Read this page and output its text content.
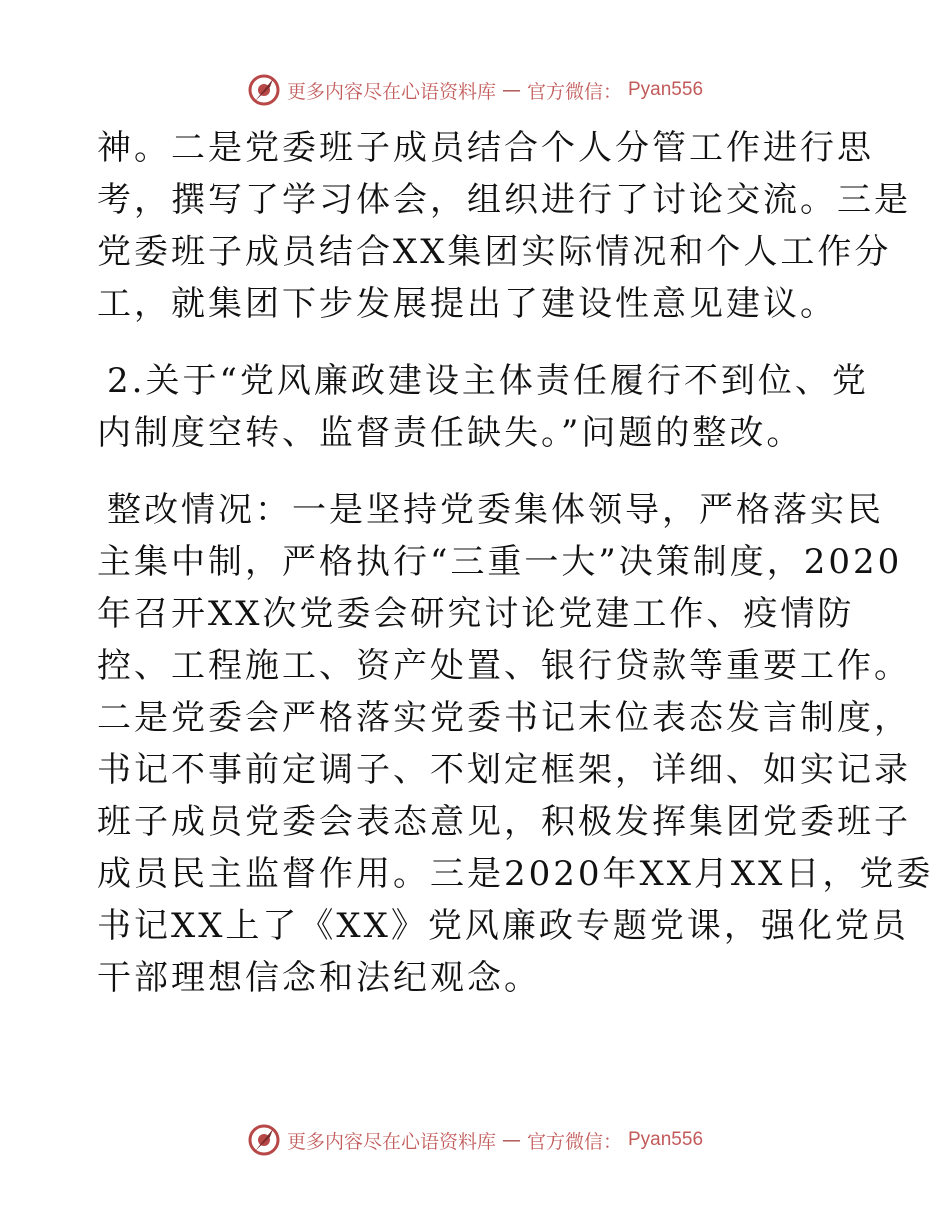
更多内容尽在心语资料库 — 官方微信： Pyan556
神。二是党委班子成员结合个人分管工作进行思
考，撰写了学习体会，组织进行了讨论交流。三是
党委班子成员结合XX集团实际情况和个人工作分
工，就集团下步发展提出了建设性意见建议。
2.关于“党风廉政建设主体责任履行不到位、党
内制度空转、监督责任缺失。”问题的整改。
整改情况：一是坚持党委集体领导，严格落实民
主集中制，严格执行“三重一大”决策制度，2020
年召开XX次党委会研究讨论党建工作、疫情防
控、工程施工、资产处置、银行贷款等重要工作。
二是党委会严格落实党委书记末位表态发言制度，
书记不事前定调子、不划定框架，详细、如实记录
班子成员党委会表态意见，积极发挥集团党委班子
成员民主监督作用。三是2020年XX月XX日，党委
书记XX上了《XX》党风廉政专题党课，强化党员
干部理想信念和法纪观念。
更多内容尽在心语资料库 — 官方微信： Pyan556
